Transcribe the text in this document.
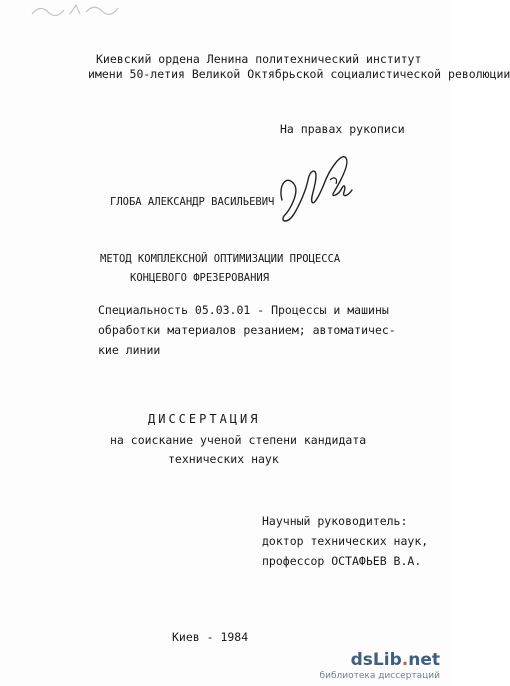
Киевский ордена Ленина политехнический институт
имени 50-летия Великой Октябрьской социалистической революции
На правах рукописи
ГЛОБА АЛЕКСАНДР ВАСИЛЬЕВИЧ
МЕТОД КОМПЛЕКСНОЙ ОПТИМИЗАЦИИ ПРОЦЕССА
КОНЦЕВОГО ФРЕЗЕРОВАНИЯ
Специальность 05.03.01 - Процессы и машины
обработки материалов резанием; автоматичес-
кие линии
ДИССЕРТАЦИЯ
на соискание ученой степени кандидата
технических наук
Научный руководитель:
доктор технических наук,
профессор ОСТАФЬЕВ В.А.
Киев - 1984
dsLib.net
библиотека диссертаций
